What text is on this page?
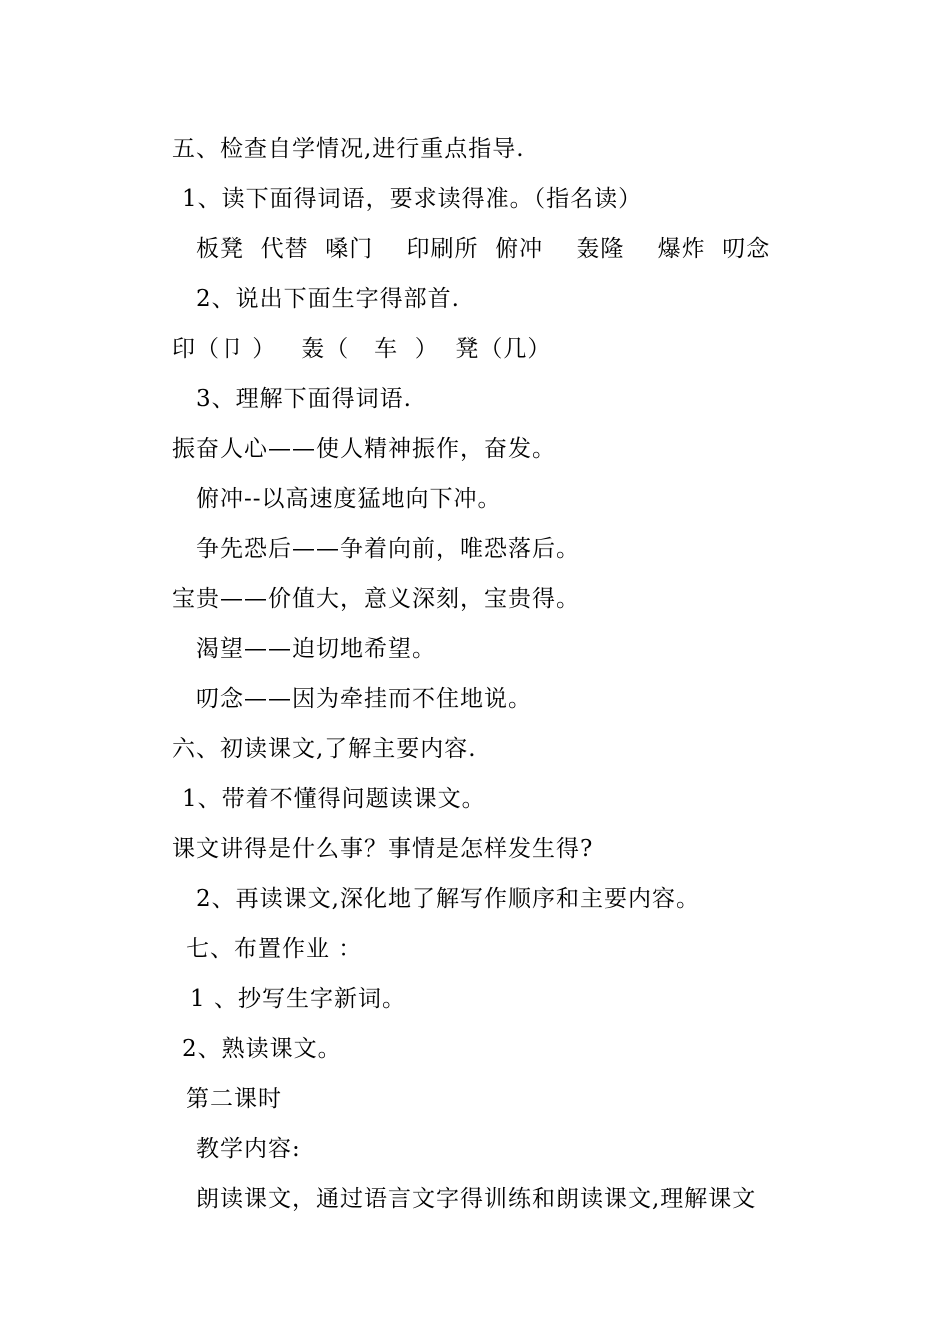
五、检查自学情况,进行重点指导.
1、读下面得词语，要求读得准。（指名读）
板凳  代替  嗓门    印刷所  俯冲    轰隆    爆炸  叨念
2、说出下面生字得部首.
印（卩 ）   轰（   车  ）  凳（几）
3、理解下面得词语.
振奋人心——使人精神振作，奋发。
俯冲--以高速度猛地向下冲。
争先恐后——争着向前，唯恐落后。
宝贵——价值大，意义深刻，宝贵得。
渴望——迫切地希望。
叨念——因为牵挂而不住地说。
六、初读课文,了解主要内容.
1、带着不懂得问题读课文。
课文讲得是什么事？事情是怎样发生得?
2、再读课文,深化地了解写作顺序和主要内容。
七、布置作业 ：
1 、抄写生字新词。
2、熟读课文。
第二课时
教学内容:
朗读课文，通过语言文字得训练和朗读课文,理解课文
